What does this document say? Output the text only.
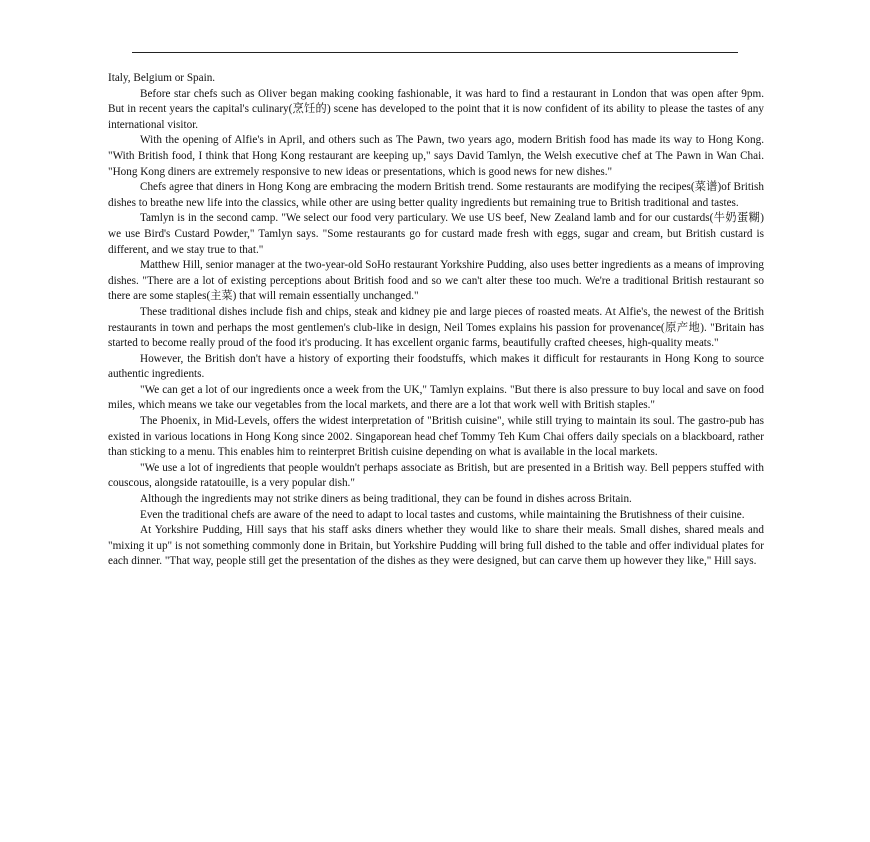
Italy, Belgium or Spain.

Before star chefs such as Oliver began making cooking fashionable, it was hard to find a restaurant in London that was open after 9pm. But in recent years the capital's culinary(烹饪的) scene has developed to the point that it is now confident of its ability to please the tastes of any international visitor.

With the opening of Alfie's in April, and others such as The Pawn, two years ago, modern British food has made its way to Hong Kong. "With British food, I think that Hong Kong restaurant are keeping up," says David Tamlyn, the Welsh executive chef at The Pawn in Wan Chai. "Hong Kong diners are extremely responsive to new ideas or presentations, which is good news for new dishes."

Chefs agree that diners in Hong Kong are embracing the modern British trend. Some restaurants are modifying the recipes(菜谱)of British dishes to breathe new life into the classics, while other are using better quality ingredients but remaining true to British traditional and tastes.

Tamlyn is in the second camp. "We select our food very particulary. We use US beef, New Zealand lamb and for our custards(牛奶蛋糊) we use Bird's Custard Powder," Tamlyn says. "Some restaurants go for custard made fresh with eggs, sugar and cream, but British custard is different, and we stay true to that."

Matthew Hill, senior manager at the two-year-old SoHo restaurant Yorkshire Pudding, also uses better ingredients as a means of improving dishes. "There are a lot of existing perceptions about British food and so we can't alter these too much. We're a traditional British restaurant so there are some staples(主菜) that will remain essentially unchanged."

These traditional dishes include fish and chips, steak and kidney pie and large pieces of roasted meats. At Alfie's, the newest of the British restaurants in town and perhaps the most gentlemen's club-like in design, Neil Tomes explains his passion for provenance(原产地). "Britain has started to become really proud of the food it's producing. It has excellent organic farms, beautifully crafted cheeses, high-quality meats."

However, the British don't have a history of exporting their foodstuffs, which makes it difficult for restaurants in Hong Kong to source authentic ingredients.

"We can get a lot of our ingredients once a week from the UK," Tamlyn explains. "But there is also pressure to buy local and save on food miles, which means we take our vegetables from the local markets, and there are a lot that work well with British staples."

The Phoenix, in Mid-Levels, offers the widest interpretation of "British cuisine", while still trying to maintain its soul. The gastro-pub has existed in various locations in Hong Kong since 2002. Singaporean head chef Tommy Teh Kum Chai offers daily specials on a blackboard, rather than sticking to a menu. This enables him to reinterpret British cuisine depending on what is available in the local markets.

"We use a lot of ingredients that people wouldn't perhaps associate as British, but are presented in a British way. Bell peppers stuffed with couscous, alongside ratatouille, is a very popular dish."

Although the ingredients may not strike diners as being traditional, they can be found in dishes across Britain.

Even the traditional chefs are aware of the need to adapt to local tastes and customs, while maintaining the Brutishness of their cuisine.

At Yorkshire Pudding, Hill says that his staff asks diners whether they would like to share their meals. Small dishes, shared meals and "mixing it up" is not something commonly done in Britain, but Yorkshire Pudding will bring full dished to the table and offer individual plates for each dinner. "That way, people still get the presentation of the dishes as they were designed, but can carve them up however they like," Hill says.
